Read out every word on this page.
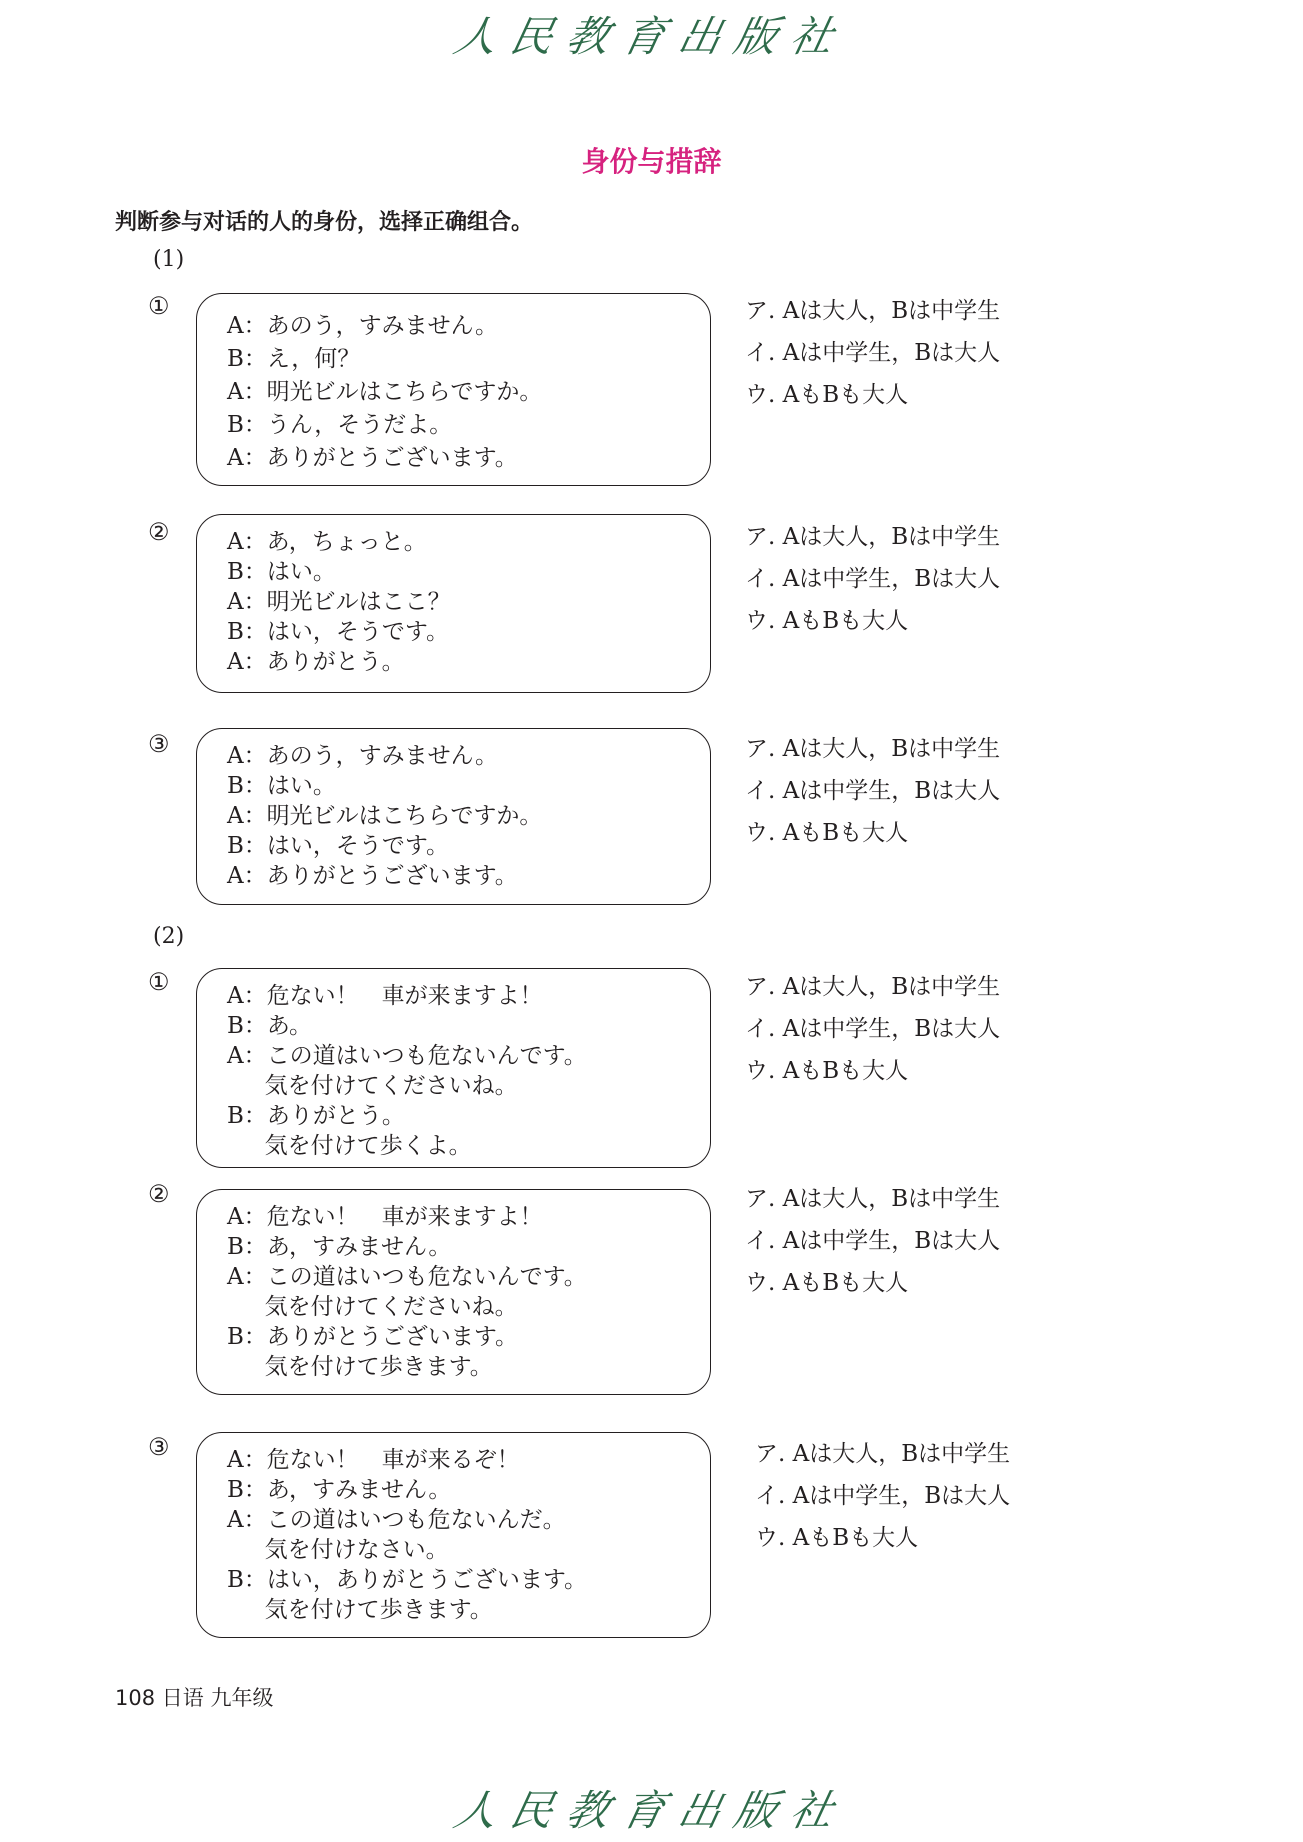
人民教育出版社
身份与措辞
判断参与对话的人的身份，选择正确组合。
(1)
(2)
①
A：あのう，すみません。
B：え，何？
A：明光ビルはこちらですか。
B：うん，そうだよ。
A：ありがとうございます。
ア. Aは大人，Bは中学生
イ. Aは中学生，Bは大人
ウ. AもBも大人
② A：あ，ちょっと。
B：はい。
A：明光ビルはここ？
B：はい，そうです。
A：ありがとう。
ア. Aは大人，Bは中学生
イ. Aは中学生，Bは大人
ウ. AもBも大人
③ A：あのう，すみません。
B：はい。
A：明光ビルはこちらですか。
B：はい，そうです。
A：ありがとうございます。
ア. Aは大人，Bは中学生
イ. Aは中学生，Bは大人
ウ. AもBも大人
① A：危ない！　車が来ますよ！
B：あ。
A：この道はいつも危ないんです。
　  気を付けてくださいね。
B：ありがとう。
　  気を付けて歩くよ。
ア. Aは大人，Bは中学生
イ. Aは中学生，Bは大人
ウ. AもBも大人
②
A：危ない！　車が来ますよ！
B：あ，すみません。
A：この道はいつも危ないんです。
　  気を付けてくださいね。
B：ありがとうございます。
　  気を付けて歩きます。
ア. Aは大人，Bは中学生
イ. Aは中学生，Bは大人
ウ. AもBも大人
③ A：危ない！　車が来るぞ！
B：あ，すみません。
A：この道はいつも危ないんだ。
　  気を付けなさい。
B：はい，ありがとうございます。
　  気を付けて歩きます。
ア. Aは大人，Bは中学生
イ. Aは中学生，Bは大人
ウ. AもBも大人
108 日语 九年级
人民教育出版社
